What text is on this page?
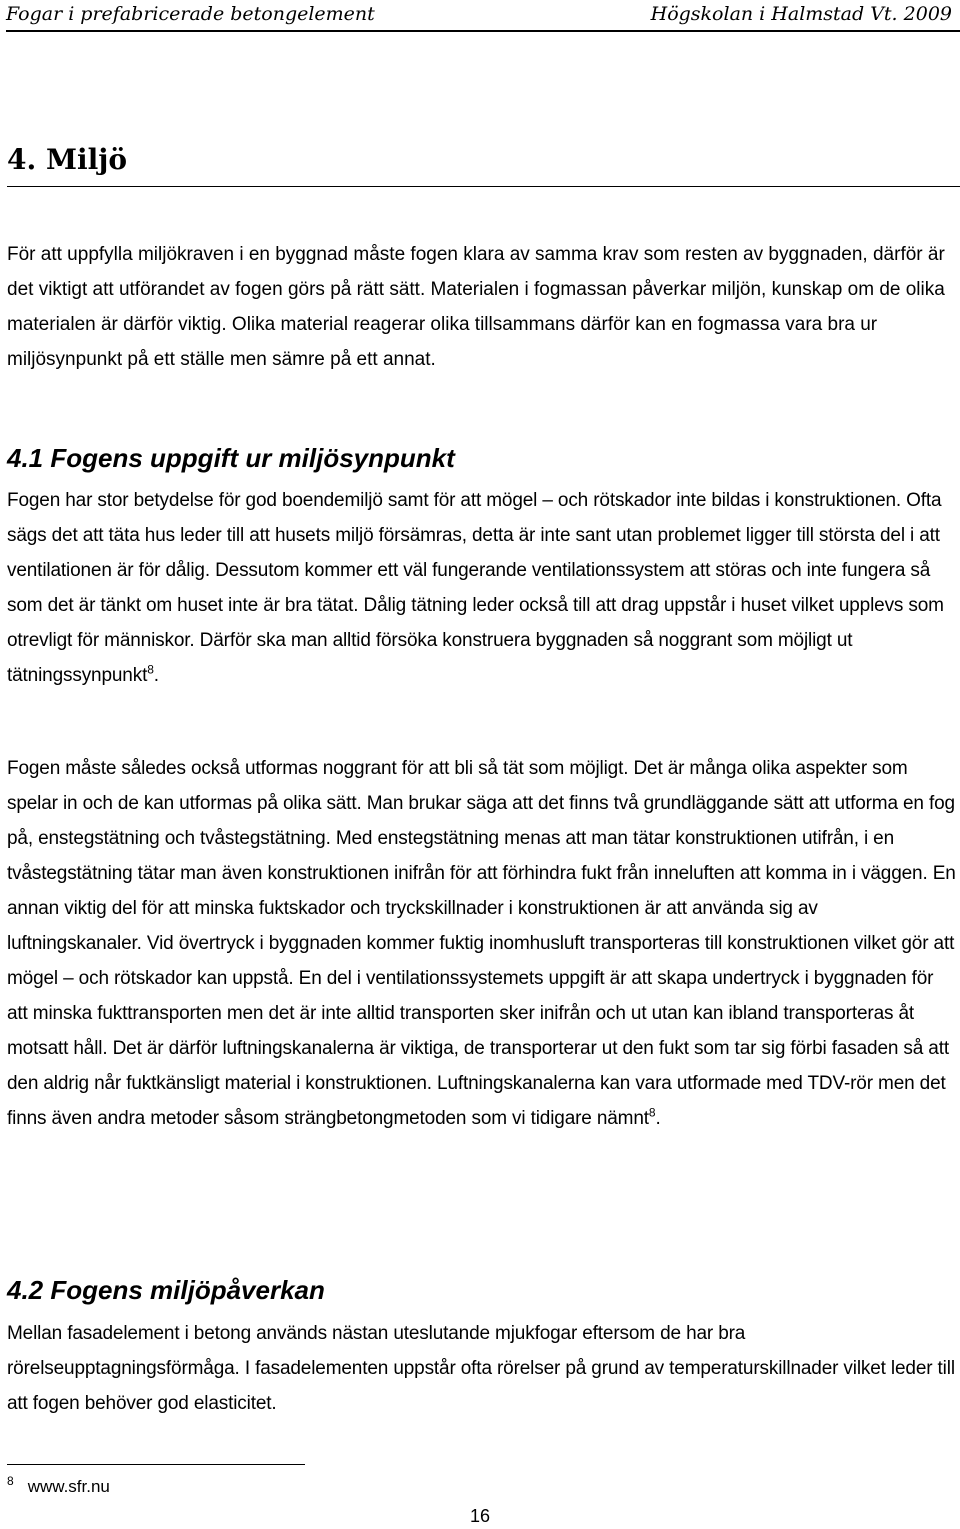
Fogar i prefabricerade betongelement	Högskolan i Halmstad Vt. 2009
4. Miljö

För att uppfylla miljökraven i en byggnad måste fogen klara av samma krav som resten av byggnaden, därför är det viktigt att utförandet av fogen görs på rätt sätt. Materialen i fogmassan påverkar miljön, kunskap om de olika materialen är därför viktig. Olika material reagerar olika tillsammans därför kan en fogmassa vara bra ur miljösynpunkt på ett ställe men sämre på ett annat.

4.1 Fogens uppgift ur miljösynpunkt

Fogen har stor betydelse för god boendemiljö samt för att mögel – och rötskador inte bildas i konstruktionen. Ofta sägs det att täta hus leder till att husets miljö försämras, detta är inte sant utan problemet ligger till största del i att ventilationen är för dålig. Dessutom kommer ett väl fungerande ventilationssystem att störas och inte fungera så som det är tänkt om huset inte är bra tätat. Dålig tätning leder också till att drag uppstår i huset vilket upplevs som otrevligt för människor. Därför ska man alltid försöka konstruera byggnaden så noggrant som möjligt ut tätningssynpunkt$^8$.

Fogen måste således också utformas noggrant för att bli så tät som möjligt. Det är många olika aspekter som spelar in och de kan utformas på olika sätt. Man brukar säga att det finns två grundläggande sätt att utforma en fog på, enstegstätning och tvåstegstätning. Med enstegstätning menas att man tätar konstruktionen utifrån, i en tvåstegstätning tätar man även konstruktionen inifrån för att förhindra fukt från inneluften att komma in i väggen. En annan viktig del för att minska fuktskador och tryckskillnader i konstruktionen är att använda sig av luftningskanaler. Vid övertryck i byggnaden kommer fuktig inomhusluft transporteras till konstruktionen vilket gör att mögel – och rötskador kan uppstå. En del i ventilationssystemets uppgift är att skapa undertryck i byggnaden för att minska fukttransporten men det är inte alltid transporten sker inifrån och ut utan kan ibland transporteras åt motsatt håll. Det är därför luftningskanalerna är viktiga, de transporterar ut den fukt som tar sig förbi fasaden så att den aldrig når fuktkänsligt material i konstruktionen. Luftningskanalerna kan vara utformade med TDV-rör men det finns även andra metoder såsom strängbetongmetoden som vi tidigare nämnt$^8$.

4.2 Fogens miljöpåverkan

Mellan fasadelement i betong används nästan uteslutande mjukfogar eftersom de har bra rörelseupptagningsförmåga. I fasadelementen uppstår ofta rörelser på grund av temperaturskillnader vilket leder till att fogen behöver god elasticitet.

$^8$ www.sfr.nu
16
